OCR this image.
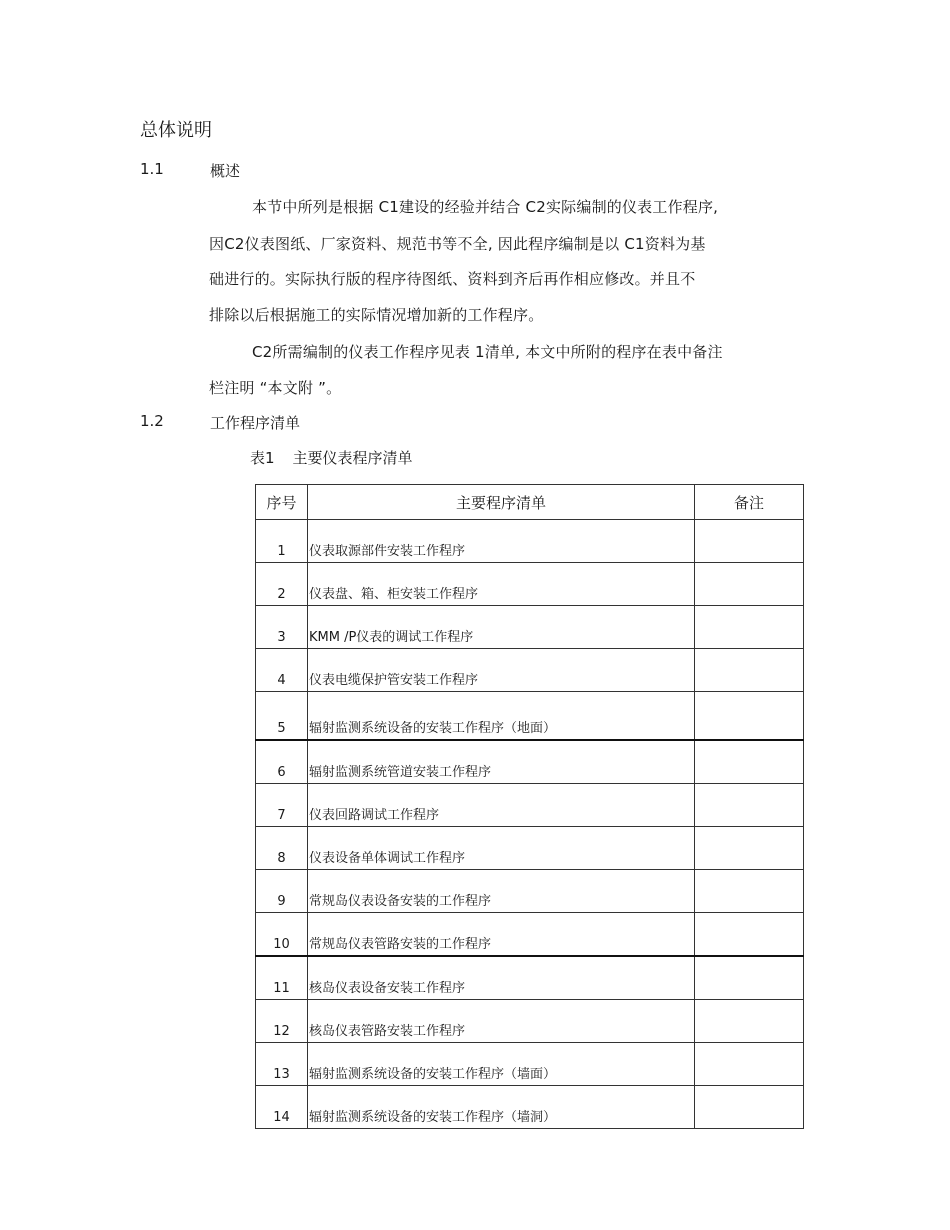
总体说明
1.1	概述
本节中所列是根据 C1建设的经验并结合 C2实际编制的仪表工作程序,
因C2仪表图纸、厂家资料、规范书等不全, 因此程序编制是以 C1资料为基
础进行的。实际执行版的程序待图纸、资料到齐后再作相应修改。并且不
排除以后根据施工的实际情况增加新的工作程序。
C2所需编制的仪表工作程序见表 1清单, 本文中所附的程序在表中备注
栏注明 “本文附 ”。
1.2	工作程序清单
表1 主要仪表程序清单
序号	主要程序清单	备注
1	仪表取源部件安装工作程序	
2	仪表盘、箱、柜安装工作程序	
3	KMM /P仪表的调试工作程序	
4	仪表电缆保护管安装工作程序	
5	辐射监测系统设备的安装工作程序（地面）	
6	辐射监测系统管道安装工作程序	
7	仪表回路调试工作程序	
8	仪表设备单体调试工作程序	
9	常规岛仪表设备安装的工作程序	
10	常规岛仪表管路安装的工作程序	
11	核岛仪表设备安装工作程序	
12	核岛仪表管路安装工作程序	
13	辐射监测系统设备的安装工作程序（墙面）	
14	辐射监测系统设备的安装工作程序（墙洞）	
